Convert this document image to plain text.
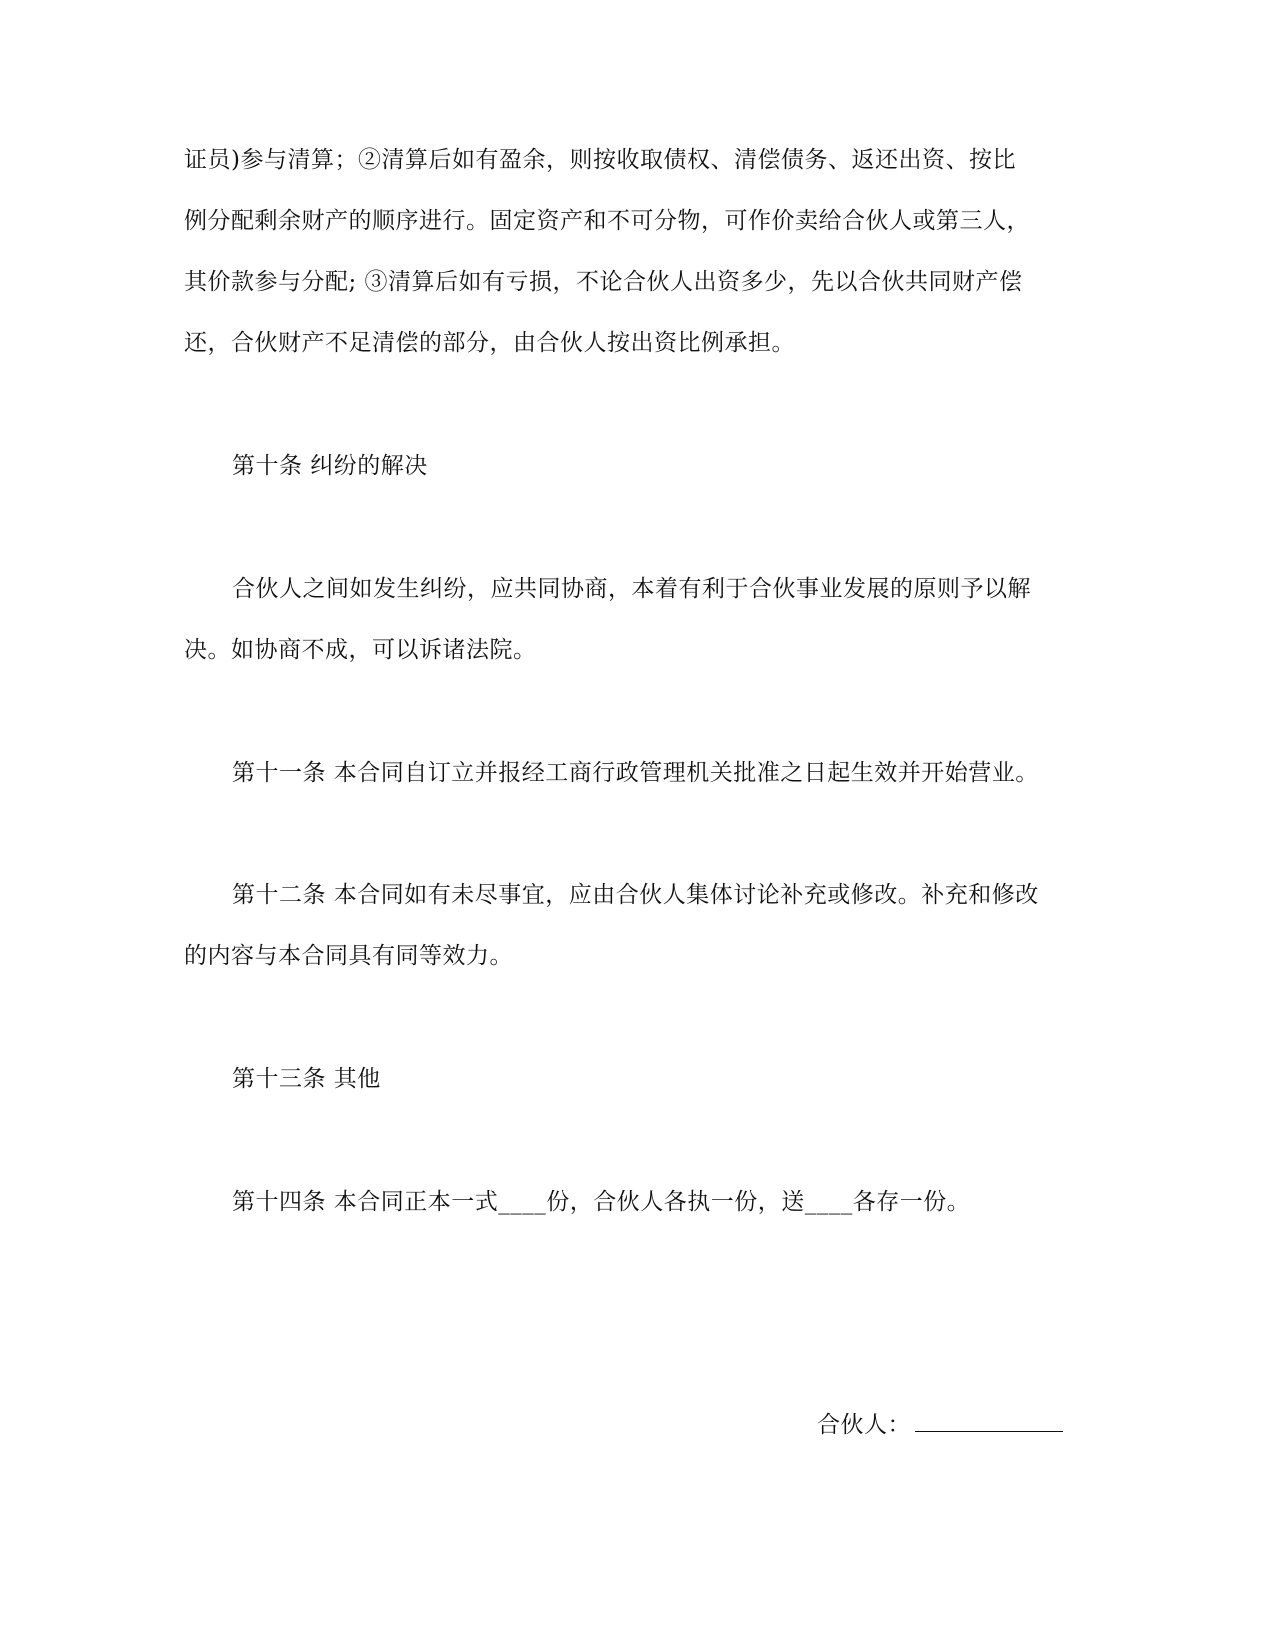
证员)参与清算；②清算后如有盈余，则按收取债权、清偿债务、返还出资、按比
例分配剩余财产的顺序进行。固定资产和不可分物，可作价卖给合伙人或第三人，
其价款参与分配; ③清算后如有亏损，不论合伙人出资多少，先以合伙共同财产偿
还，合伙财产不足清偿的部分，由合伙人按出资比例承担。
第十条 纠纷的解决
合伙人之间如发生纠纷，应共同协商，本着有利于合伙事业发展的原则予以解
决。如协商不成，可以诉诸法院。
第十一条 本合同自订立并报经工商行政管理机关批准之日起生效并开始营业。
第十二条 本合同如有未尽事宜，应由合伙人集体讨论补充或修改。补充和修改
的内容与本合同具有同等效力。
第十三条 其他
第十四条 本合同正本一式____份，合伙人各执一份，送____各存一份。
合伙人：
